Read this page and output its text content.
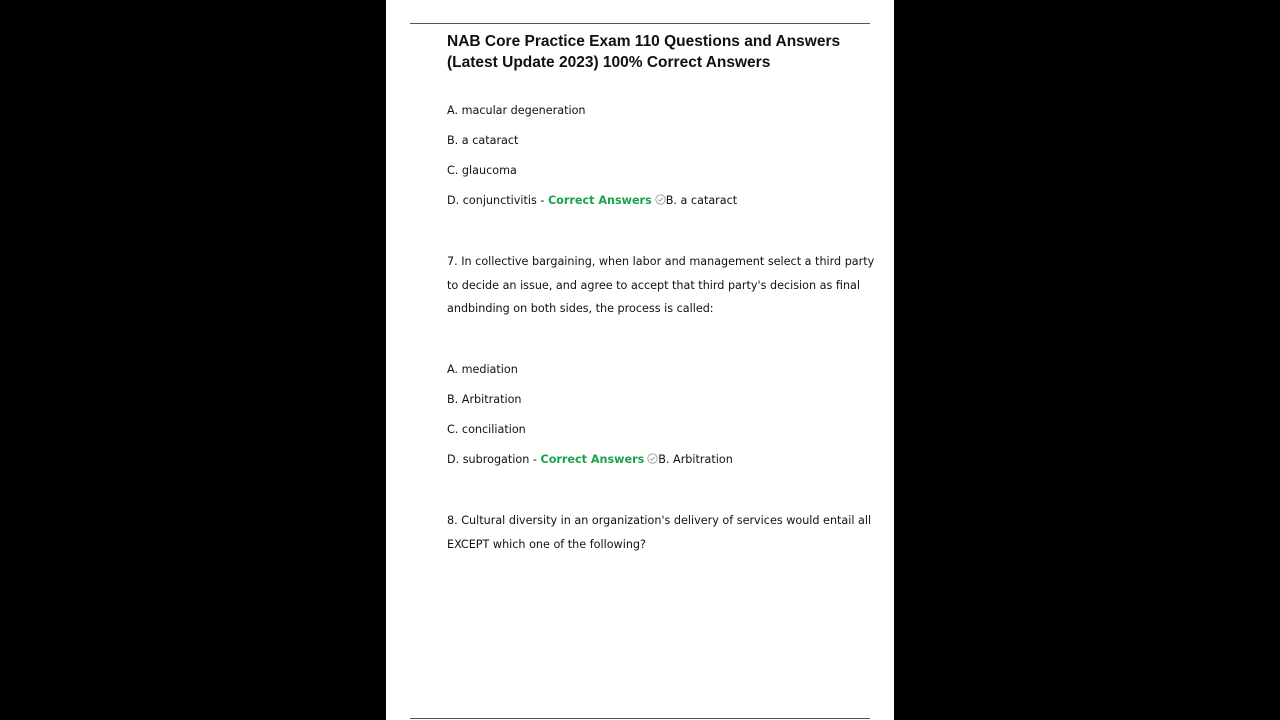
NAB Core Practice Exam 110 Questions and Answers
(Latest Update 2023) 100% Correct Answers

A. macular degeneration

B. a cataract

C. glaucoma

D. conjunctivitis - Correct Answers B. a cataract

7. In collective bargaining, when labor and management select a third party

to decide an issue, and agree to accept that third party's decision as final

andbinding on both sides, the process is called:

A. mediation

B. Arbitration

C. conciliation

D. subrogation - Correct Answers B. Arbitration

8. Cultural diversity in an organization's delivery of services would entail all

EXCEPT which one of the following?
